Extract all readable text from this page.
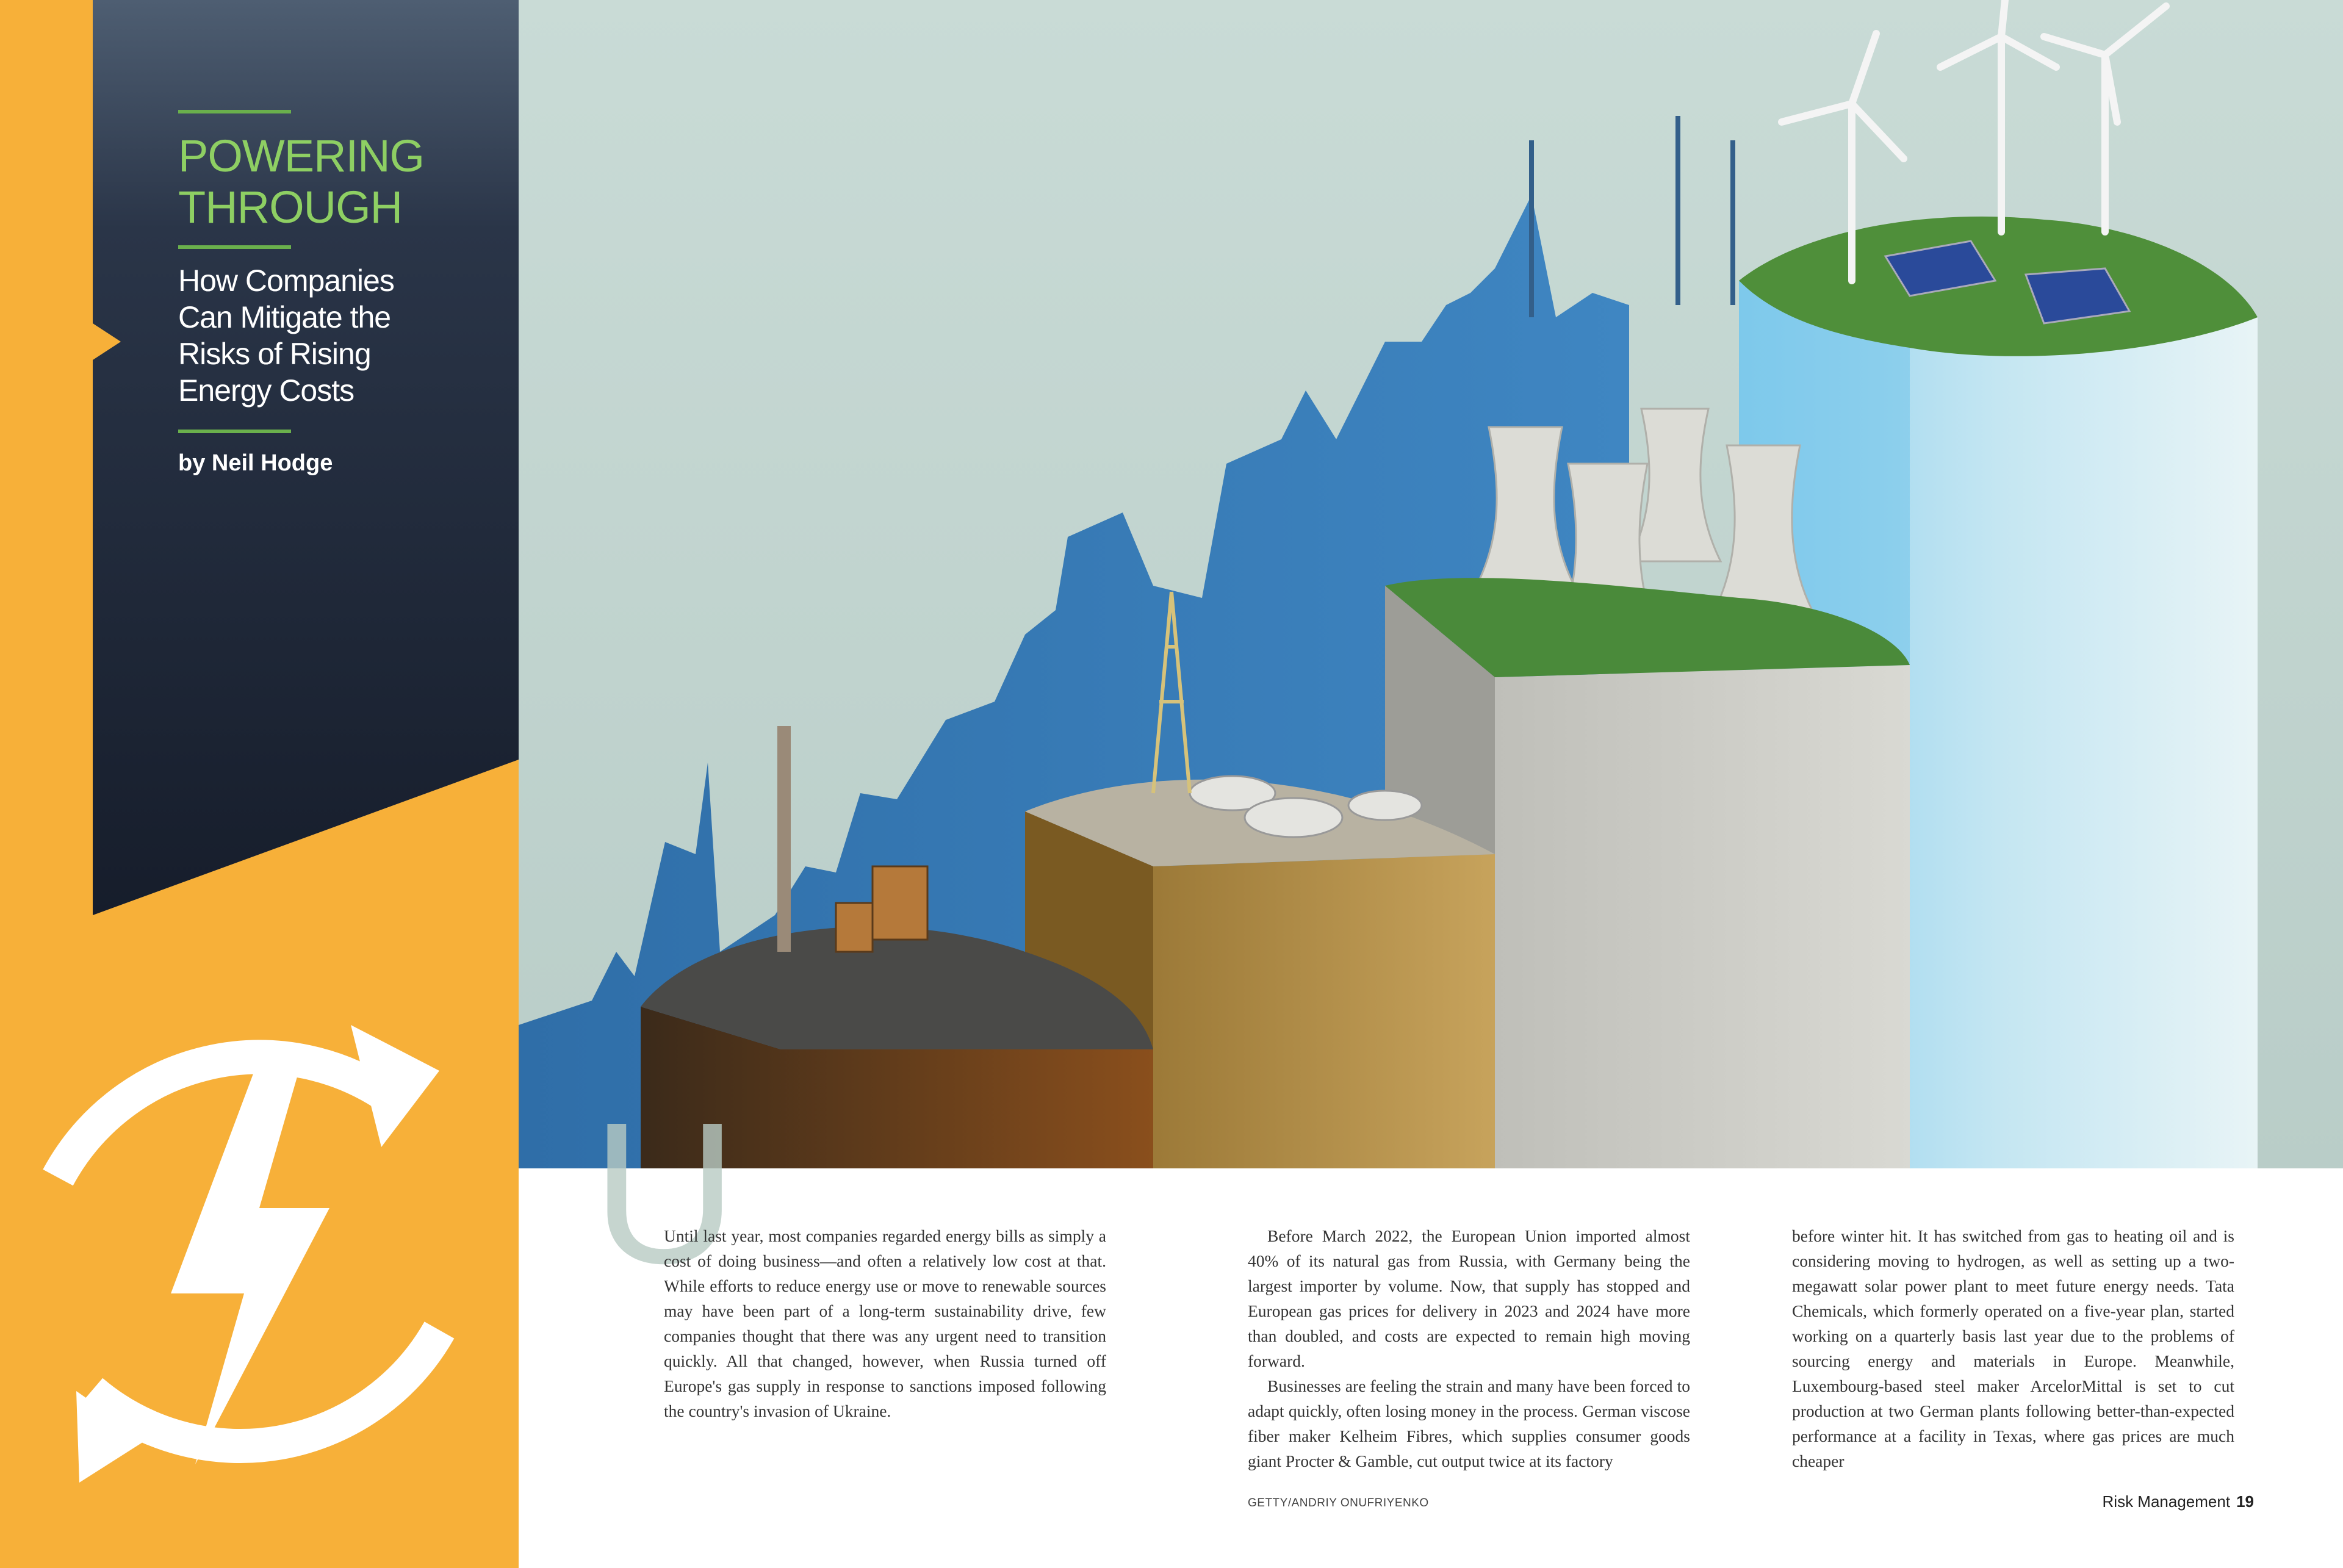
POWERING
THROUGH
How Companies
Can Mitigate the
Risks of Rising
Energy Costs
by Neil Hodge
U

Until last year, most companies regarded energy bills as simply a cost of doing business—and often a relatively low cost at that. While efforts to reduce energy use or move to renewable sources may have been part of a long-term sustainability drive, few companies thought that there was any urgent need to transition quickly. All that changed, however, when Russia turned off Europe's gas supply in response to sanctions imposed following the country's invasion of Ukraine.

Before March 2022, the European Union imported almost 40% of its natural gas from Russia, with Germany being the largest importer by volume. Now, that supply has stopped and European gas prices for delivery in 2023 and 2024 have more than doubled, and costs are expected to remain high moving forward.

Businesses are feeling the strain and many have been forced to adapt quickly, often losing money in the process. German viscose fiber maker Kelheim Fibres, which supplies consumer goods giant Procter & Gamble, cut output twice at its factory

before winter hit. It has switched from gas to heating oil and is considering moving to hydrogen, as well as setting up a two-megawatt solar power plant to meet future energy needs. Tata Chemicals, which formerly operated on a five-year plan, started working on a quarterly basis last year due to the problems of sourcing energy and materials in Europe. Meanwhile, Luxembourg-based steel maker ArcelorMittal is set to cut production at two German plants following better-than-expected performance at a facility in Texas, where gas prices are much cheaper

GETTY/ANDRIY ONUFRIYENKO	Risk Management 19
